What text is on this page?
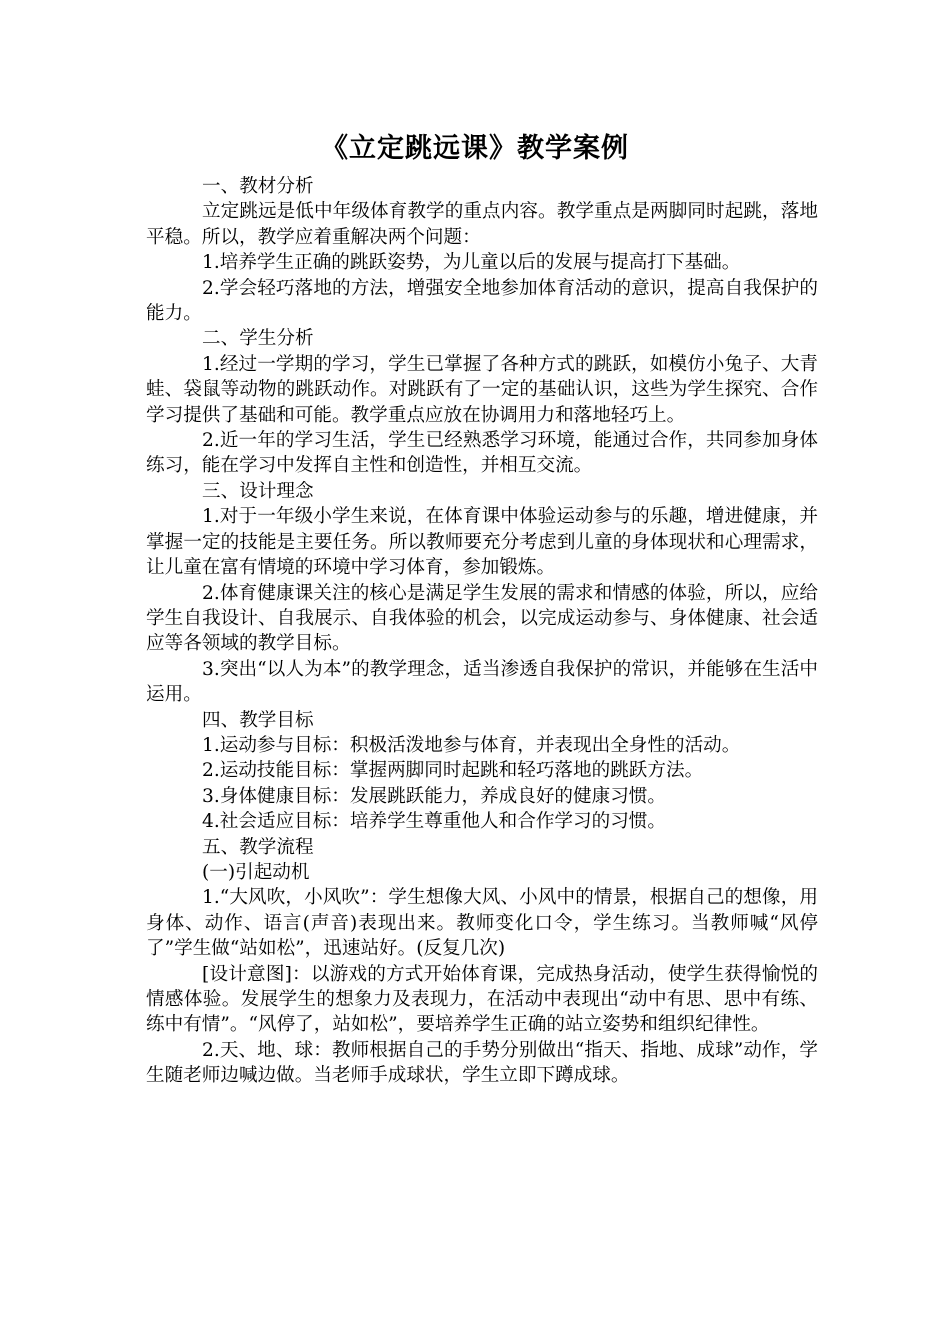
《立定跳远课》教学案例

一、教材分析

立定跳远是低中年级体育教学的重点内容。教学重点是两脚同时起跳，落地平稳。所以，教学应着重解决两个问题：

1.培养学生正确的跳跃姿势，为儿童以后的发展与提高打下基础。

2.学会轻巧落地的方法，增强安全地参加体育活动的意识，提高自我保护的能力。

二、学生分析

1.经过一学期的学习，学生已掌握了各种方式的跳跃，如模仿小兔子、大青蛙、袋鼠等动物的跳跃动作。对跳跃有了一定的基础认识，这些为学生探究、合作学习提供了基础和可能。教学重点应放在协调用力和落地轻巧上。

2.近一年的学习生活，学生已经熟悉学习环境，能通过合作，共同参加身体练习，能在学习中发挥自主性和创造性，并相互交流。

三、设计理念

1.对于一年级小学生来说，在体育课中体验运动参与的乐趣，增进健康，并掌握一定的技能是主要任务。所以教师要充分考虑到儿童的身体现状和心理需求，让儿童在富有情境的环境中学习体育，参加锻炼。

2.体育健康课关注的核心是满足学生发展的需求和情感的体验，所以，应给学生自我设计、自我展示、自我体验的机会，以完成运动参与、身体健康、社会适应等各领域的教学目标。

3.突出“以人为本”的教学理念，适当渗透自我保护的常识，并能够在生活中运用。

四、教学目标

1.运动参与目标：积极活泼地参与体育，并表现出全身性的活动。

2.运动技能目标：掌握两脚同时起跳和轻巧落地的跳跃方法。

3.身体健康目标：发展跳跃能力，养成良好的健康习惯。

4.社会适应目标：培养学生尊重他人和合作学习的习惯。

五、教学流程

(一)引起动机

1.“大风吹，小风吹”：学生想像大风、小风中的情景，根据自己的想像，用身体、动作、语言(声音)表现出来。教师变化口令，学生练习。当教师喊“风停了”学生做“站如松”，迅速站好。(反复几次)

[设计意图]：以游戏的方式开始体育课，完成热身活动，使学生获得愉悦的情感体验。发展学生的想象力及表现力，在活动中表现出“动中有思、思中有练、练中有情”。“风停了，站如松”，要培养学生正确的站立姿势和组织纪律性。

2.天、地、球：教师根据自己的手势分别做出“指天、指地、成球”动作，学生随老师边喊边做。当老师手成球状，学生立即下蹲成球。
